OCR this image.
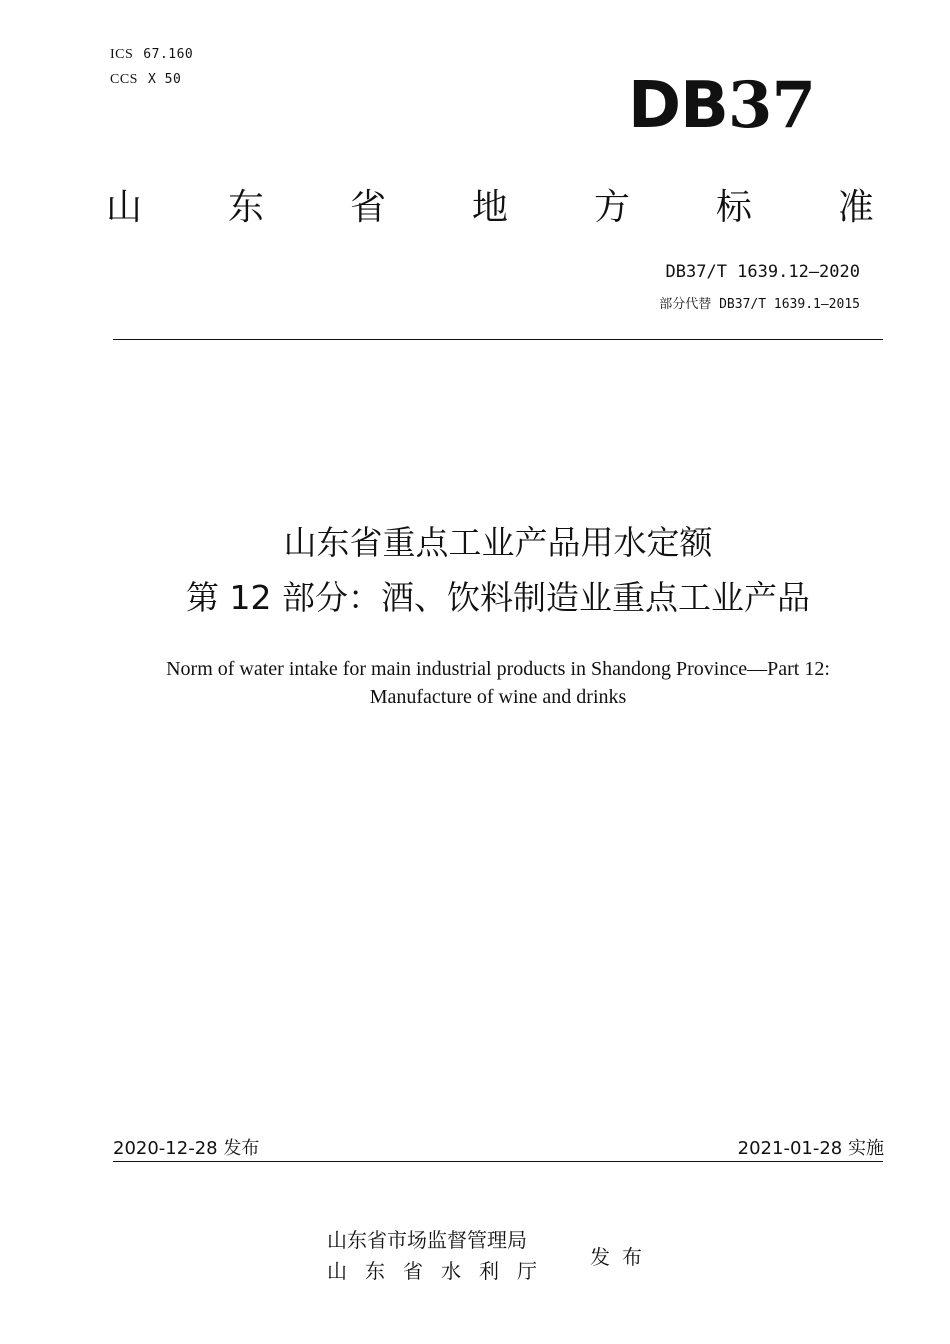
ICS 67.160
CCS X 50	DB37
山 东 省 地 方 标 准
DB37/T 1639.12—2020
部分代替 DB37/T 1639.1—2015
山东省重点工业产品用水定额
第 12 部分：酒、饮料制造业重点工业产品
Norm of water intake for main industrial products in Shandong Province—Part 12:
Manufacture of wine and drinks
2020-12-28 发布	2021-01-28 实施
山东省市场监督管理局
山东省水利厅
发布
